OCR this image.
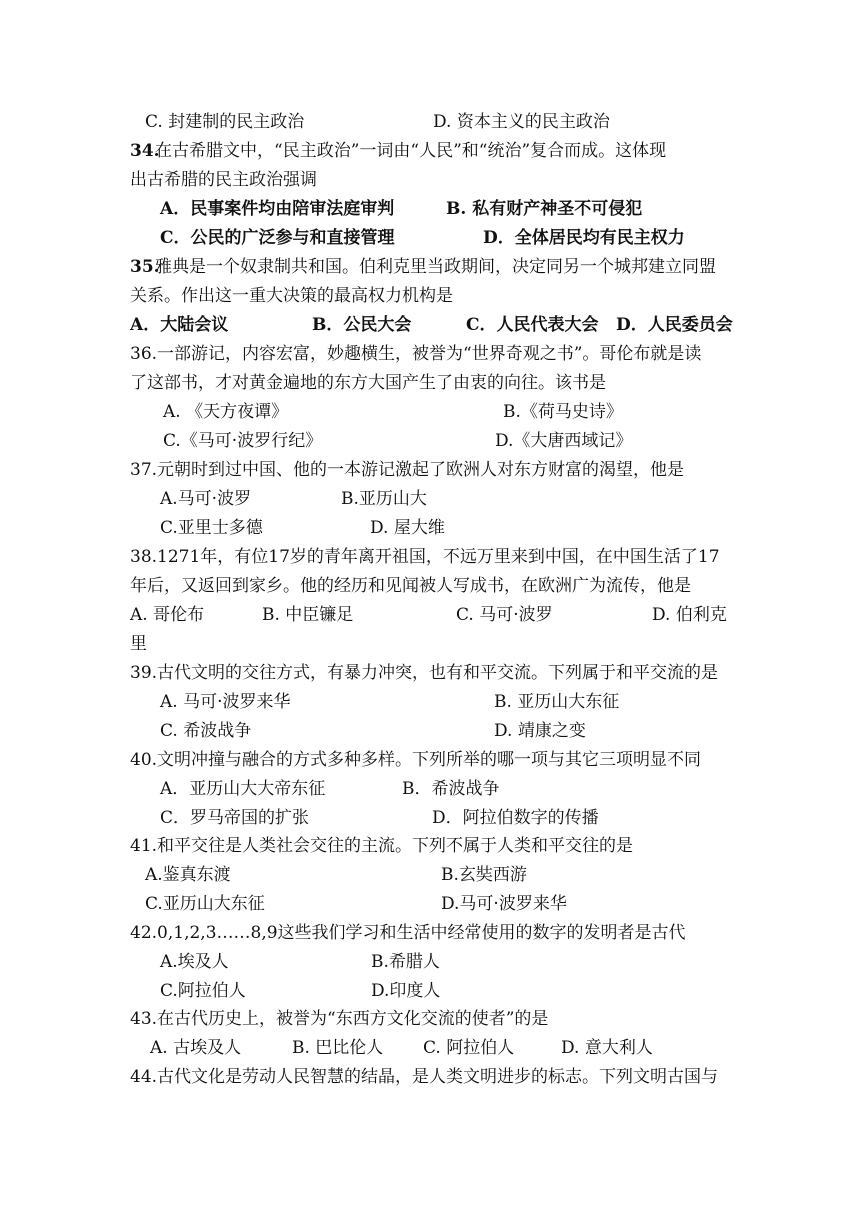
C. 封建制的民主政治	D. 资本主义的民主政治
34.
在古希腊文中，“民主政治”一词由“人民”和“统治”复合而成。这体现
出古希腊的民主政治强调
A．民事案件均由陪审法庭审判	B. 私有财产神圣不可侵犯
C．公民的广泛参与和直接管理	D．全体居民均有民主权力
35.
雅典是一个奴隶制共和国。伯利克里当政期间，决定同另一个城邦建立同盟
关系。作出这一重大决策的最高权力机构是
A．大陆会议	B．公民大会	C．人民代表大会 D．人民委员会
36.一部游记，内容宏富，妙趣横生，被誉为“世界奇观之书”。哥伦布就是读
了这部书，才对黄金遍地的东方大国产生了由衷的向往。该书是
A. 《天方夜谭》	B.《荷马史诗》
C.《马可·波罗行纪》	D.《大唐西域记》
37.元朝时到过中国、他的一本游记激起了欧洲人对东方财富的渴望，他是
A.马可·波罗	B.亚历山大
C.亚里士多德	D. 屋大维
38.1271年，有位17岁的青年离开祖国，不远万里来到中国，在中国生活了17
年后，又返回到家乡。他的经历和见闻被人写成书，在欧洲广为流传，他是
A. 哥伦布	B. 中臣镰足	C. 马可·波罗	D. 伯利克
里
39.古代文明的交往方式，有暴力冲突，也有和平交流。下列属于和平交流的是
A. 马可·波罗来华	B. 亚历山大东征
C. 希波战争	D. 靖康之变
40.文明冲撞与融合的方式多种多样。下列所举的哪一项与其它三项明显不同
A．亚历山大大帝东征	B．希波战争
C．罗马帝国的扩张	D．阿拉伯数字的传播
41.和平交往是人类社会交往的主流。下列不属于人类和平交往的是
A.鉴真东渡	B.玄奘西游
C.亚历山大东征	D.马可·波罗来华
42.0,1,2,3……8,9这些我们学习和生活中经常使用的数字的发明者是古代
A.埃及人	B.希腊人
C.阿拉伯人	D.印度人
43.在古代历史上，被誉为“东西方文化交流的使者”的是
A. 古埃及人	B. 巴比伦人 C. 阿拉伯人	D. 意大利人
44.古代文化是劳动人民智慧的结晶，是人类文明进步的标志。下列文明古国与
